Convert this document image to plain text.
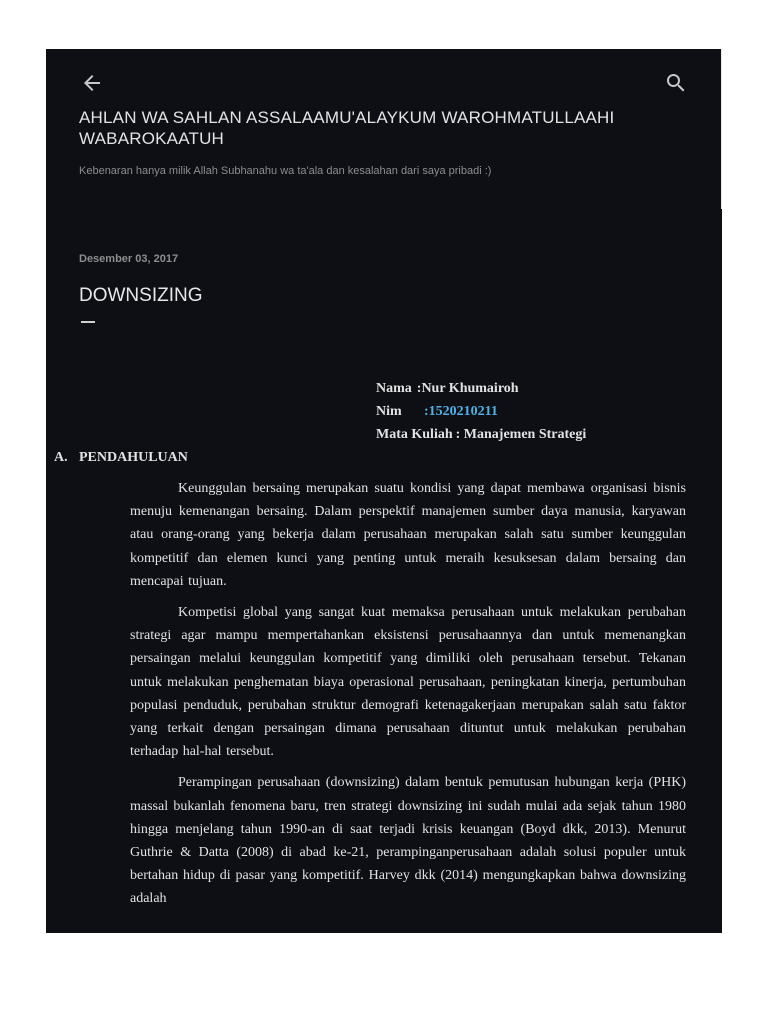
AHLAN WA SAHLAN ASSALAAMU'ALAYKUM WAROHMATULLAAHI WABAROKAATUH

Kebenaran hanya milik Allah Subhanahu wa ta'ala dan kesalahan dari saya pribadi :)

Desember 03, 2017
DOWNSIZING
Nama :Nur Khumairoh
Nim	:1520210211
Mata Kuliah : Manajemen Strategi
A. PENDAHULUAN

Keunggulan bersaing merupakan suatu kondisi yang dapat membawa organisasi bisnis menuju kemenangan bersaing. Dalam perspektif manajemen sumber daya manusia, karyawan atau orang-orang yang bekerja dalam perusahaan merupakan salah satu sumber keunggulan kompetitif dan elemen kunci yang penting untuk meraih kesuksesan dalam bersaing dan mencapai tujuan.

Kompetisi global yang sangat kuat memaksa perusahaan untuk melakukan perubahan strategi agar mampu mempertahankan eksistensi perusahaannya dan untuk memenangkan persaingan melalui keunggulan kompetitif yang dimiliki oleh perusahaan tersebut. Tekanan untuk melakukan penghematan biaya operasional perusahaan, peningkatan kinerja, pertumbuhan populasi penduduk, perubahan struktur demografi ketenagakerjaan merupakan salah satu faktor yang terkait dengan persaingan dimana perusahaan dituntut untuk melakukan perubahan terhadap hal-hal tersebut.

Perampingan perusahaan (downsizing) dalam bentuk pemutusan hubungan kerja (PHK) massal bukanlah fenomena baru, tren strategi downsizing ini sudah mulai ada sejak tahun 1980 hingga menjelang tahun 1990-an di saat terjadi krisis keuangan (Boyd dkk, 2013). Menurut Guthrie & Datta (2008) di abad ke-21, perampinganperusahaan adalah solusi populer untuk bertahan hidup di pasar yang kompetitif. Harvey dkk (2014) mengungkapkan bahwa downsizing adalah
